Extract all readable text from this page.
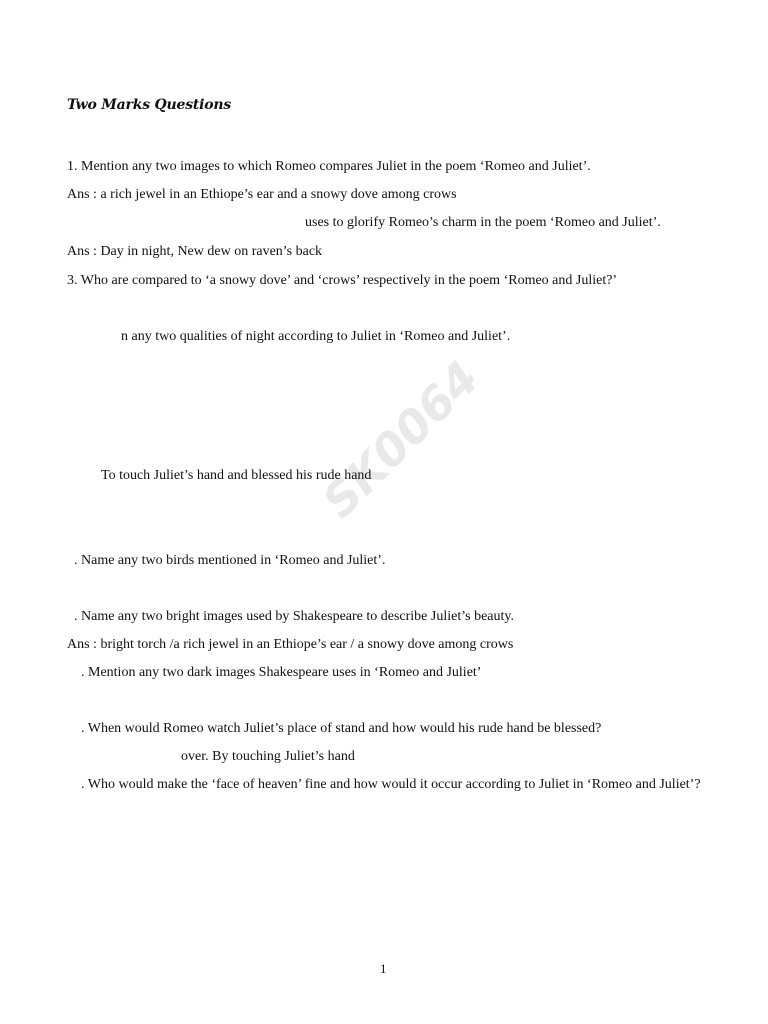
SK0064
Two Marks Questions
1. Mention any two images to which Romeo compares Juliet in the poem ‘Romeo and Juliet’.
Ans : a rich jewel in an Ethiope’s ear and a snowy dove among crows
uses to glorify Romeo’s charm in the poem ‘Romeo and Juliet’.
Ans : Day in night, New dew on raven’s back
3. Who are compared to ‘a snowy dove’ and ‘crows’ respectively in the poem ‘Romeo and Juliet?’
n any two qualities of night according to Juliet in ‘Romeo and Juliet’.
To touch Juliet’s hand and blessed his rude hand
. Name any two birds mentioned in ‘Romeo and Juliet’.
. Name any two bright images used by Shakespeare to describe Juliet’s beauty.
Ans : bright torch /a rich jewel in an Ethiope’s ear / a snowy dove among crows
. Mention any two dark images Shakespeare uses in ‘Romeo and Juliet’
. When would Romeo watch Juliet’s place of stand and how would his rude hand be blessed?
over. By touching Juliet’s hand
. Who would make the ‘face of heaven’ fine and how would it occur according to Juliet in ‘Romeo and Juliet’?
1
